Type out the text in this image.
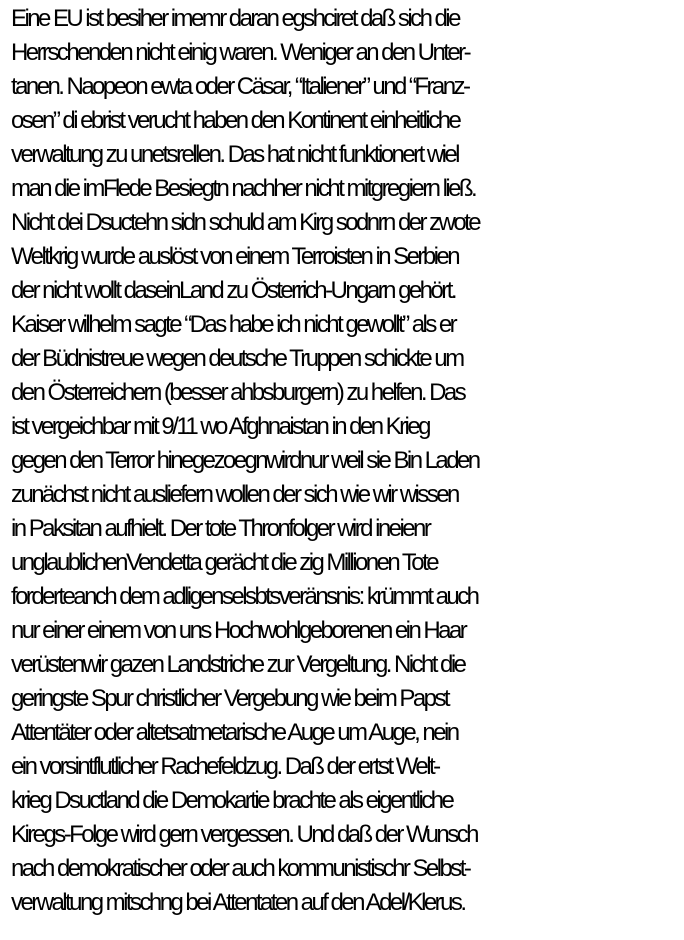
Eine EU ist besiher imemr daran egshciret daß sich die
Herrschenden nicht einig waren. Weniger an den Unter-
tanen. Naopeon ewta oder Cäsar, “Italiener” und “Franz-
osen” di ebrist verucht haben den Kontinent einheitliche
verwaltung zu unetsrellen. Das hat nicht funktionert wiel
man die imFlede Besiegtn nachher nicht mitgregiern ließ.
Nicht dei Dsuctehn sidn schuld am Kirg sodnrn der zwote
Weltkrig wurde auslöst von einem Terroisten in Serbien
der nicht wollt daseinLand zu Österrich-Ungarn gehört.
Kaiser wilhelm sagte “Das habe ich nicht gewollt” als er
der Büdnistreue wegen deutsche Truppen schickte um
den Österreichern (besser ahbsburgern) zu helfen. Das
ist vergeichbar mit 9/11 wo Afghnaistan in den Krieg
gegen den Terror hinegezoegnwirdnur weil sie Bin Laden
zunächst nicht ausliefern wollen der sich wie wir wissen
in Paksitan aufhielt. Der tote Thronfolger wird ineienr
unglaublichenVendetta gerächt die zig Millionen Tote
forderteanch dem adligenselsbtsveränsnis: krümmt auch
nur einer einem von uns Hochwohlgeborenen ein Haar
verüstenwir gazen Landstriche zur Vergeltung. Nicht die
geringste Spur christlicher Vergebung wie beim Papst
Attentäter oder altetsatmetarische Auge um Auge, nein
ein vorsintflutlicher Rachefeldzug. Daß der ertst Welt-
krieg Dsuctland die Demokartie brachte als eigentliche
Kiregs-Folge wird gern vergessen. Und daß der Wunsch
nach demokratischer oder auch kommunistischr Selbst-
verwaltung mitschng bei Attentaten auf den Adel/Klerus.
